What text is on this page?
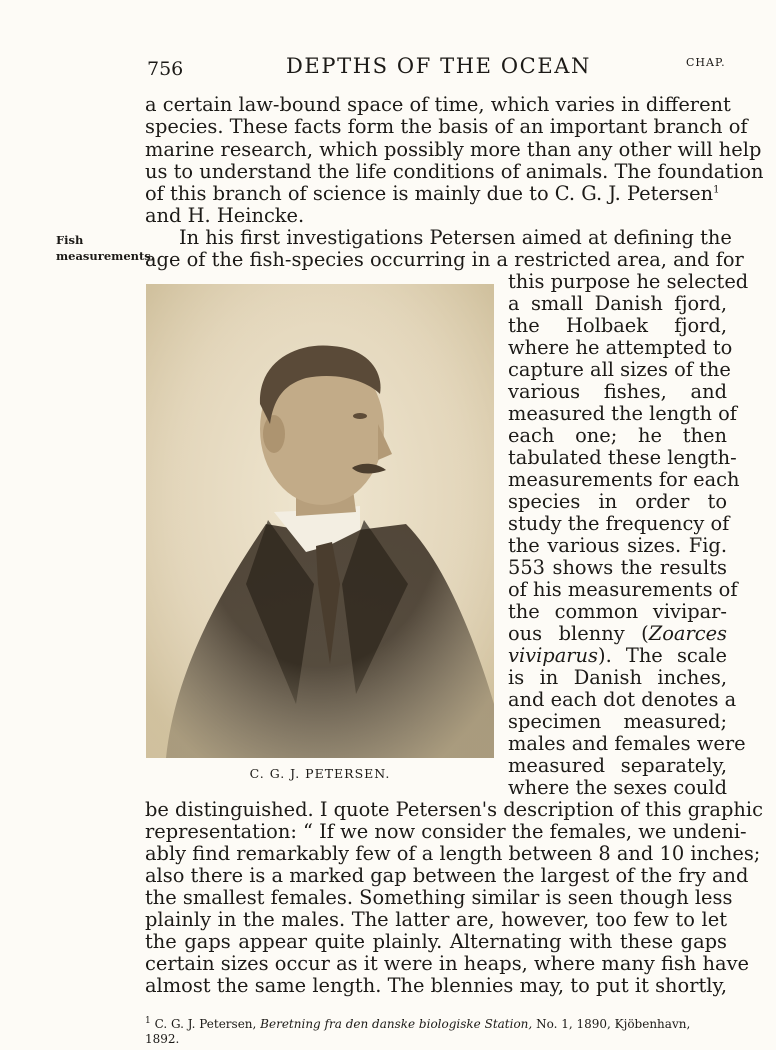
756	DEPTHS OF THE OCEAN	CHAP.
Fish measurements.
a certain law-bound space of time, which varies in different
species. These facts form the basis of an important branch of
marine research, which possibly more than any other will help
us to understand the life conditions of animals. The foundation
of this branch of science is mainly due to C. G. J. Petersen$^1$
and H. Heincke.
In his first investigations Petersen aimed at defining the
age of the fish-species occurring in a restricted area, and for
this purpose he selected
a small Danish fjord,
the Holbaek fjord,
where he attempted to
capture all sizes of the
various fishes, and
measured the length of
each one; he then
tabulated these length-
measurements for each
species in order to
study the frequency of
the various sizes. Fig.
553 shows the results
of his measurements of
the common vivipar-
ous blenny (Zoarces
viviparus). The scale
is in Danish inches,
and each dot denotes a
specimen measured;
males and females were
measured separately,
where the sexes could
C. G. J. PETERSEN.
be distinguished. I quote Petersen's description of this graphic
representation: “ If we now consider the females, we undeni-
ably find remarkably few of a length between 8 and 10 inches;
also there is a marked gap between the largest of the fry and
the smallest females. Something similar is seen though less
plainly in the males. The latter are, however, too few to let
the gaps appear quite plainly. Alternating with these gaps
certain sizes occur as it were in heaps, where many fish have
almost the same length. The blennies may, to put it shortly,
$^1$ C. G. J. Petersen, Beretning fra den danske biologiske Station, No. 1, 1890, Kjöbenhavn,
1892.
